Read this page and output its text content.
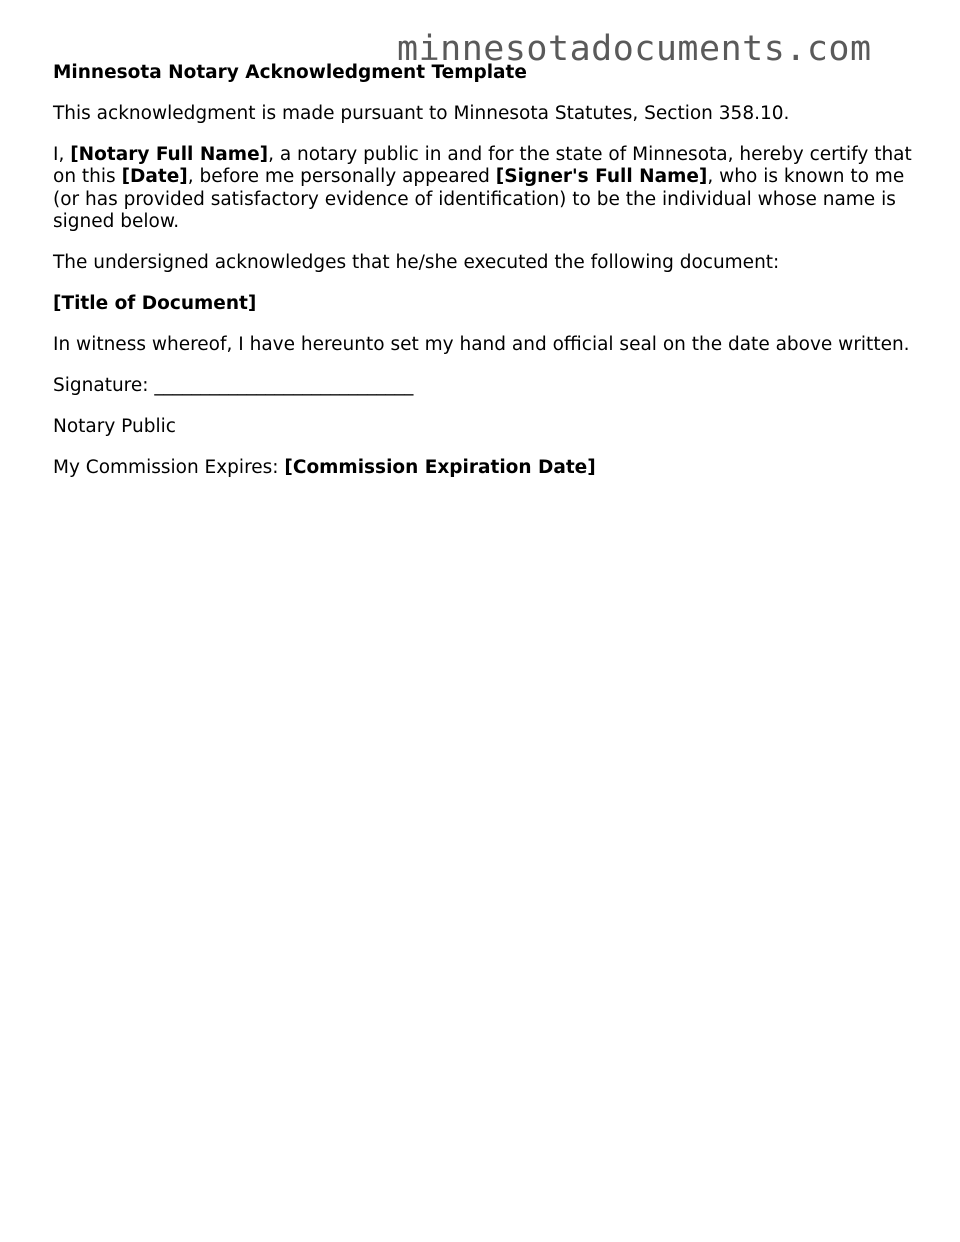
minnesotadocuments.com
Minnesota Notary Acknowledgment Template

This acknowledgment is made pursuant to Minnesota Statutes, Section 358.10.

I, [Notary Full Name], a notary public in and for the state of Minnesota, hereby certify that on this [Date], before me personally appeared [Signer's Full Name], who is known to me (or has provided satisfactory evidence of identification) to be the individual whose name is signed below.

The undersigned acknowledges that he/she executed the following document:

[Title of Document]

In witness whereof, I have hereunto set my hand and official seal on the date above written.

Signature: ____________________________

Notary Public

My Commission Expires: [Commission Expiration Date]
